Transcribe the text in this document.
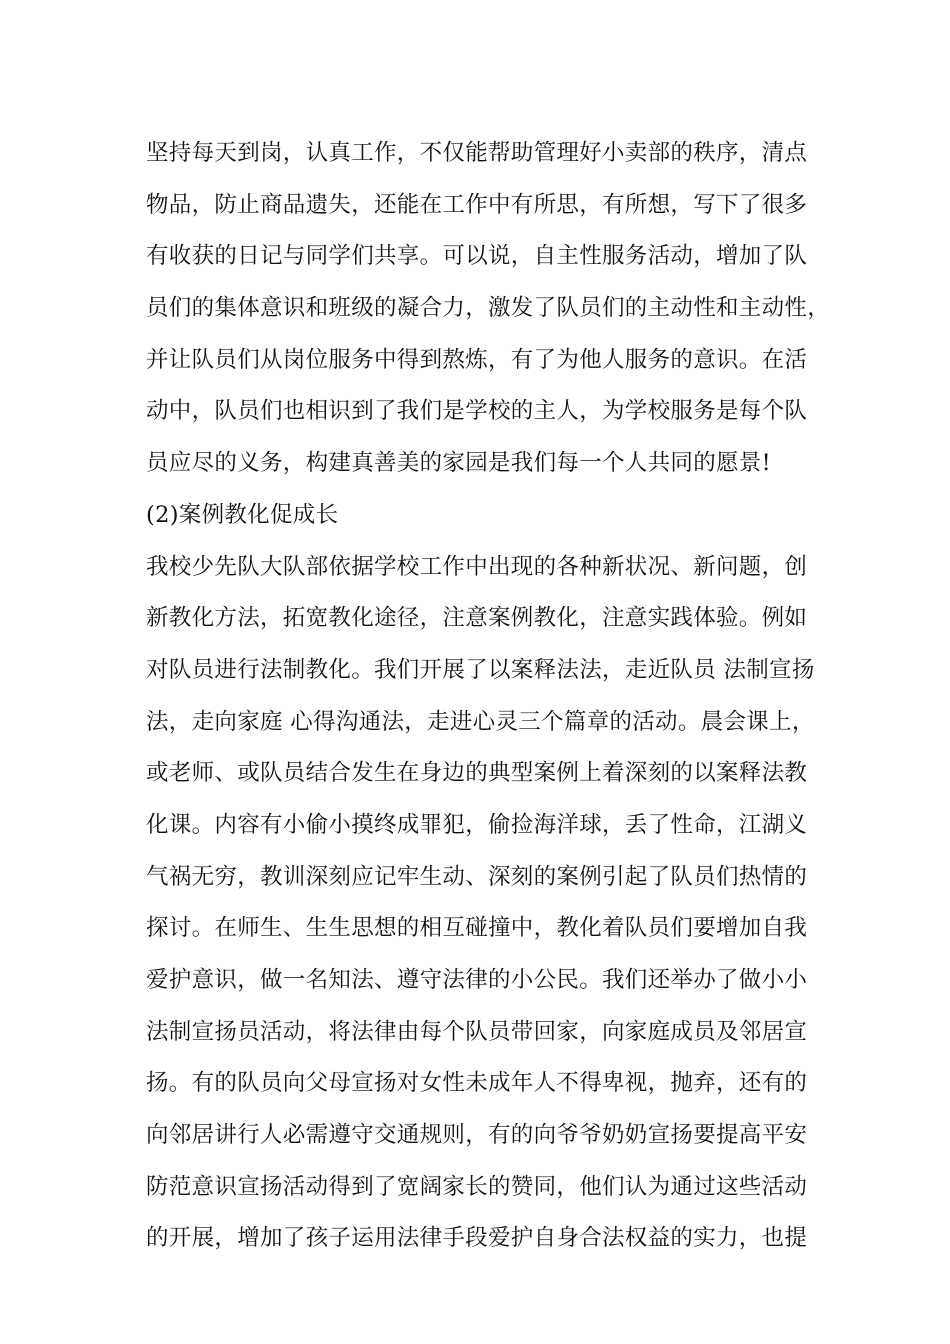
坚持每天到岗，认真工作，不仅能帮助管理好小卖部的秩序，清点
物品，防止商品遗失，还能在工作中有所思，有所想，写下了很多
有收获的日记与同学们共享。可以说，自主性服务活动，增加了队
员们的集体意识和班级的凝合力，激发了队员们的主动性和主动性，
并让队员们从岗位服务中得到熬炼，有了为他人服务的意识。在活
动中，队员们也相识到了我们是学校的主人，为学校服务是每个队
员应尽的义务，构建真善美的家园是我们每一个人共同的愿景!
(2)案例教化促成长
我校少先队大队部依据学校工作中出现的各种新状况、新问题，创
新教化方法，拓宽教化途径，注意案例教化，注意实践体验。例如
对队员进行法制教化。我们开展了以案释法法，走近队员 法制宣扬
法，走向家庭 心得沟通法，走进心灵三个篇章的活动。晨会课上，
或老师、或队员结合发生在身边的典型案例上着深刻的以案释法教
化课。内容有小偷小摸终成罪犯，偷捡海洋球，丢了性命，江湖义
气祸无穷，教训深刻应记牢生动、深刻的案例引起了队员们热情的
探讨。在师生、生生思想的相互碰撞中，教化着队员们要增加自我
爱护意识，做一名知法、遵守法律的小公民。我们还举办了做小小
法制宣扬员活动，将法律由每个队员带回家，向家庭成员及邻居宣
扬。有的队员向父母宣扬对女性未成年人不得卑视，抛弃，还有的
向邻居讲行人必需遵守交通规则，有的向爷爷奶奶宣扬要提高平安
防范意识宣扬活动得到了宽阔家长的赞同，他们认为通过这些活动
的开展，增加了孩子运用法律手段爱护自身合法权益的实力，也提
